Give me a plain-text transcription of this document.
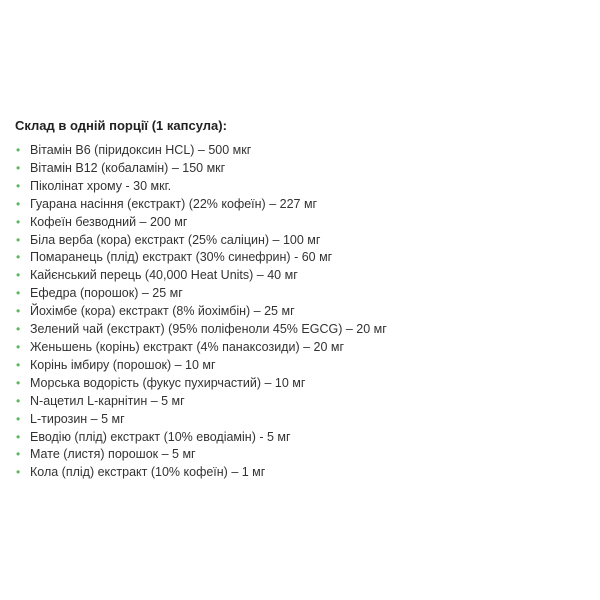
Склад в одній порції (1 капсула):
• Вітамін В6 (піридоксин HCL) – 500 мкг
• Вітамін В12 (кобаламін) – 150 мкг
• Піколінат хрому - 30 мкг.
• Гуарана насіння (екстракт) (22% кофеїн) – 227 мг
• Кофеїн безводний – 200 мг
• Біла верба (кора) екстракт (25% саліцин) – 100 мг
• Помаранець (плід) екстракт (30% синефрин) - 60 мг
• Кайєнський перець (40,000 Heat Units) – 40 мг
• Ефедра (порошок) – 25 мг
• Йохімбе (кора) екстракт (8% йохімбін) – 25 мг
• Зелений чай (екстракт) (95% поліфеноли 45% EGCG) – 20 мг
• Женьшень (корінь) екстракт (4% панаксозиди) – 20 мг
• Корінь імбиру (порошок) – 10 мг
• Морська водорість (фукус пухирчастий) – 10 мг
• N-ацетил L-карнітин – 5 мг
• L-тирозин – 5 мг
• Еводію (плід) екстракт (10% еводіамін) - 5 мг
• Мате (листя) порошок – 5 мг
• Кола (плід) екстракт (10% кофеїн) – 1 мг
